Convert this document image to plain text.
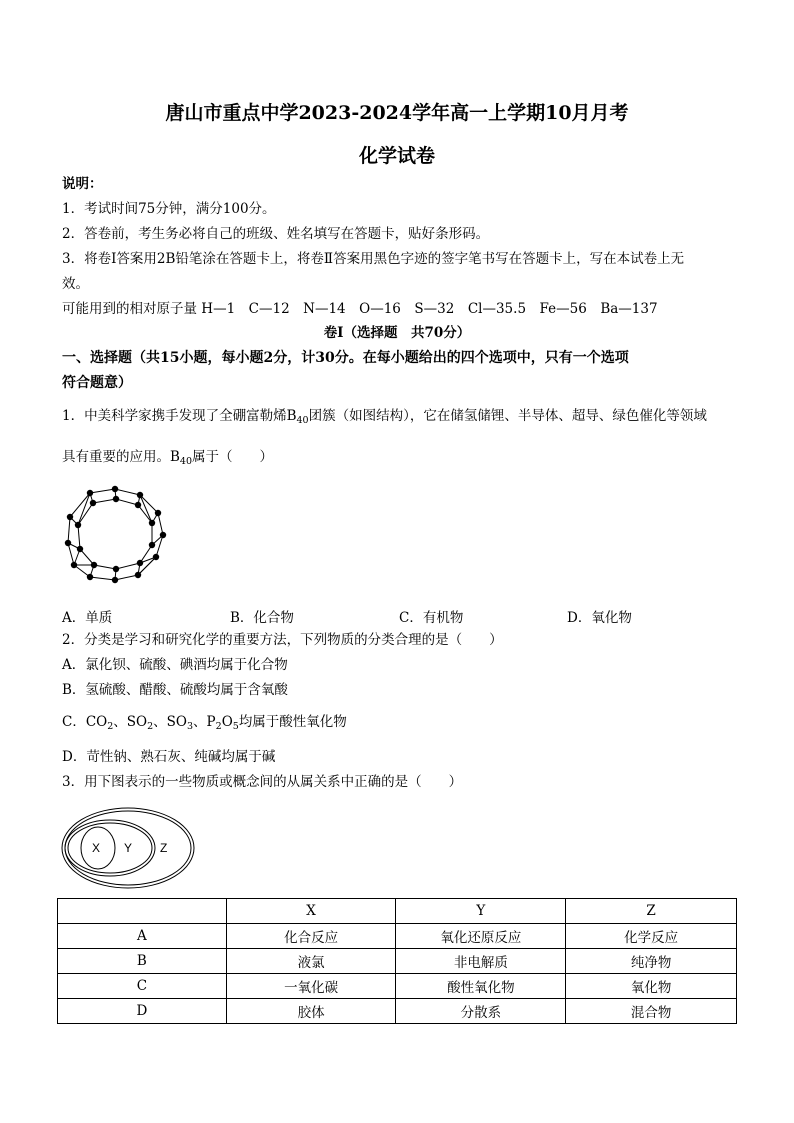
唐山市重点中学2023-2024学年高一上学期10月月考
化学试卷
说明：
1．考试时间75分钟，满分100分。
2．答卷前，考生务必将自己的班级、姓名填写在答题卡，贴好条形码。
3．将卷Ⅰ答案用2B铅笔涂在答题卡上，将卷Ⅱ答案用黑色字迹的签字笔书写在答题卡上，写在本试卷上无
效。
可能用到的相对原子量 H—1　C—12　N—14　O—16　S—32　Cl—35.5　Fe—56　Ba—137
卷Ⅰ（选择题　共70分）
一、选择题（共15小题，每小题2分，计30分。在每小题给出的四个选项中，只有一个选项
符合题意）
1．中美科学家携手发现了全硼富勒烯$B_{40}$团簇（如图结构），它在储氢储锂、半导体、超导、绿色催化等领域
具有重要的应用。$B_{40}$属于（　　）
A．单质	B．化合物	C．有机物	D．氧化物
2．分类是学习和研究化学的重要方法，下列物质的分类合理的是（　　）
A．氯化钡、硫酸、碘酒均属于化合物
B．氢硫酸、醋酸、硫酸均属于含氧酸
C．$CO_2$、$SO_2$、$SO_3$、$P_2O_5$均属于酸性氧化物
D．苛性钠、熟石灰、纯碱均属于碱
3．用下图表示的一些物质或概念间的从属关系中正确的是（　　）
X Y Z
	X	Y	Z
A	化合反应	氧化还原反应	化学反应
B	液氯	非电解质	纯净物
C	一氧化碳	酸性氧化物	氧化物
D	胶体	分散系	混合物
